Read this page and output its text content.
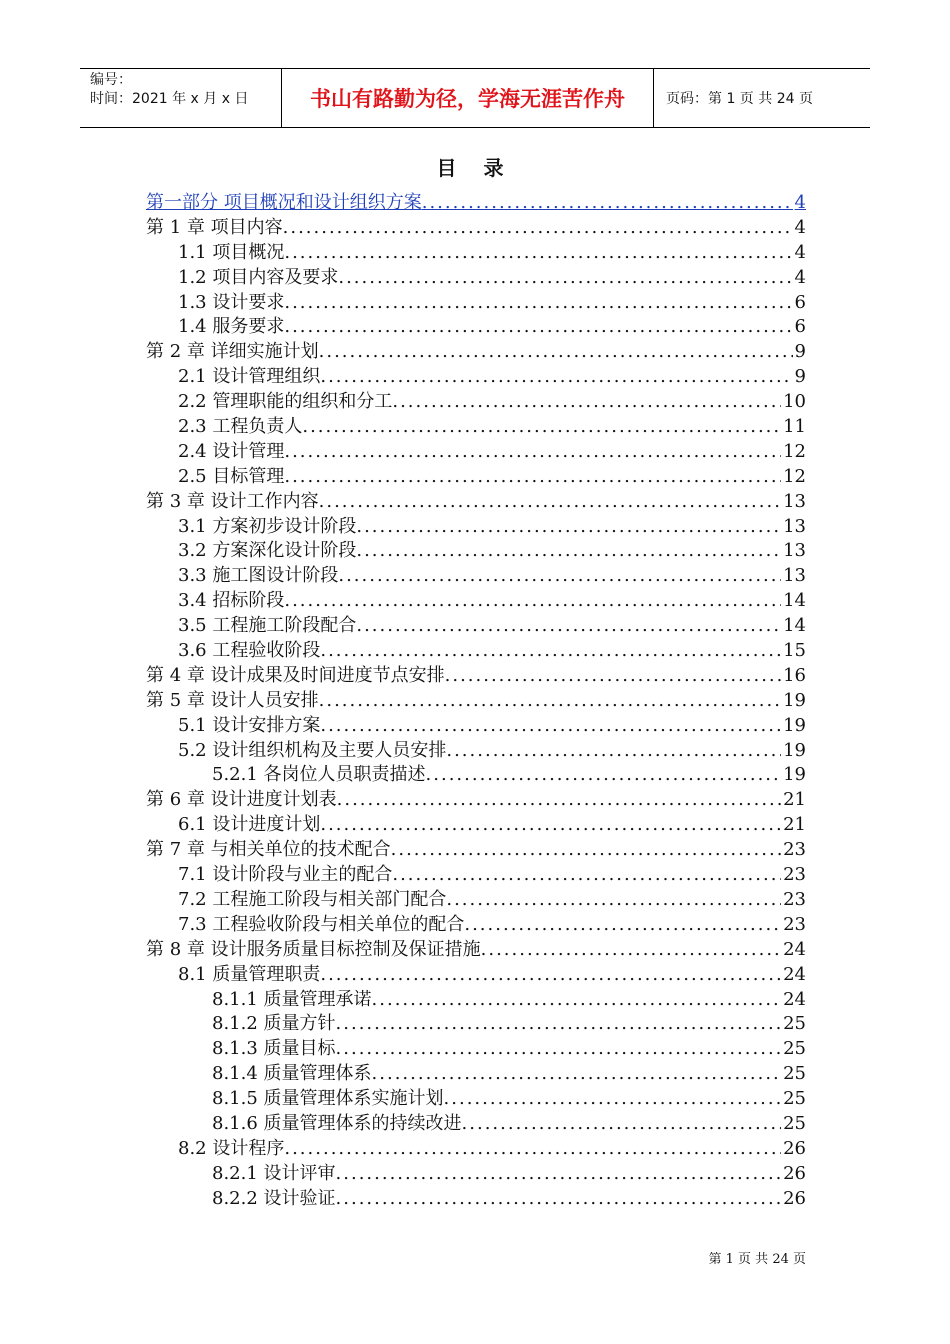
编号：
时间：2021 年 x 月 x 日	书山有路勤为径，学海无涯苦作舟	页码：第 1 页 共 24 页
目 录
第一部分 项目概况和设计组织方案 .....	4
第 1 章 项目内容 .....	4
1.1 项目概况 .....	4
1.2 项目内容及要求 .....	4
1.3 设计要求 .....	6
1.4 服务要求 .....	6
第 2 章 详细实施计划 .....	9
2.1 设计管理组织 .....	9
2.2 管理职能的组织和分工 .....	10
2.3 工程负责人 .....	11
2.4 设计管理 .....	12
2.5 目标管理 .....	12
第 3 章 设计工作内容 .....	13
3.1 方案初步设计阶段 .....	13
3.2 方案深化设计阶段 .....	13
3.3 施工图设计阶段 .....	13
3.4 招标阶段 .....	14
3.5 工程施工阶段配合 .....	14
3.6 工程验收阶段 .....	15
第 4 章 设计成果及时间进度节点安排 .....	16
第 5 章 设计人员安排 .....	19
5.1 设计安排方案 .....	19
5.2 设计组织机构及主要人员安排 .....	19
5.2.1 各岗位人员职责描述 .....	19
第 6 章 设计进度计划表 .....	21
6.1 设计进度计划 .....	21
第 7 章 与相关单位的技术配合 .....	23
7.1 设计阶段与业主的配合 .....	23
7.2 工程施工阶段与相关部门配合 .....	23
7.3 工程验收阶段与相关单位的配合 .....	23
第 8 章 设计服务质量目标控制及保证措施 .....	24
8.1 质量管理职责 .....	24
8.1.1 质量管理承诺 .....	24
8.1.2 质量方针 .....	25
8.1.3 质量目标 .....	25
8.1.4 质量管理体系 .....	25
8.1.5 质量管理体系实施计划 .....	25
8.1.6 质量管理体系的持续改进 .....	25
8.2 设计程序 .....	26
8.2.1 设计评审 .....	26
8.2.2 设计验证 .....	26
第 1 页 共 24 页
